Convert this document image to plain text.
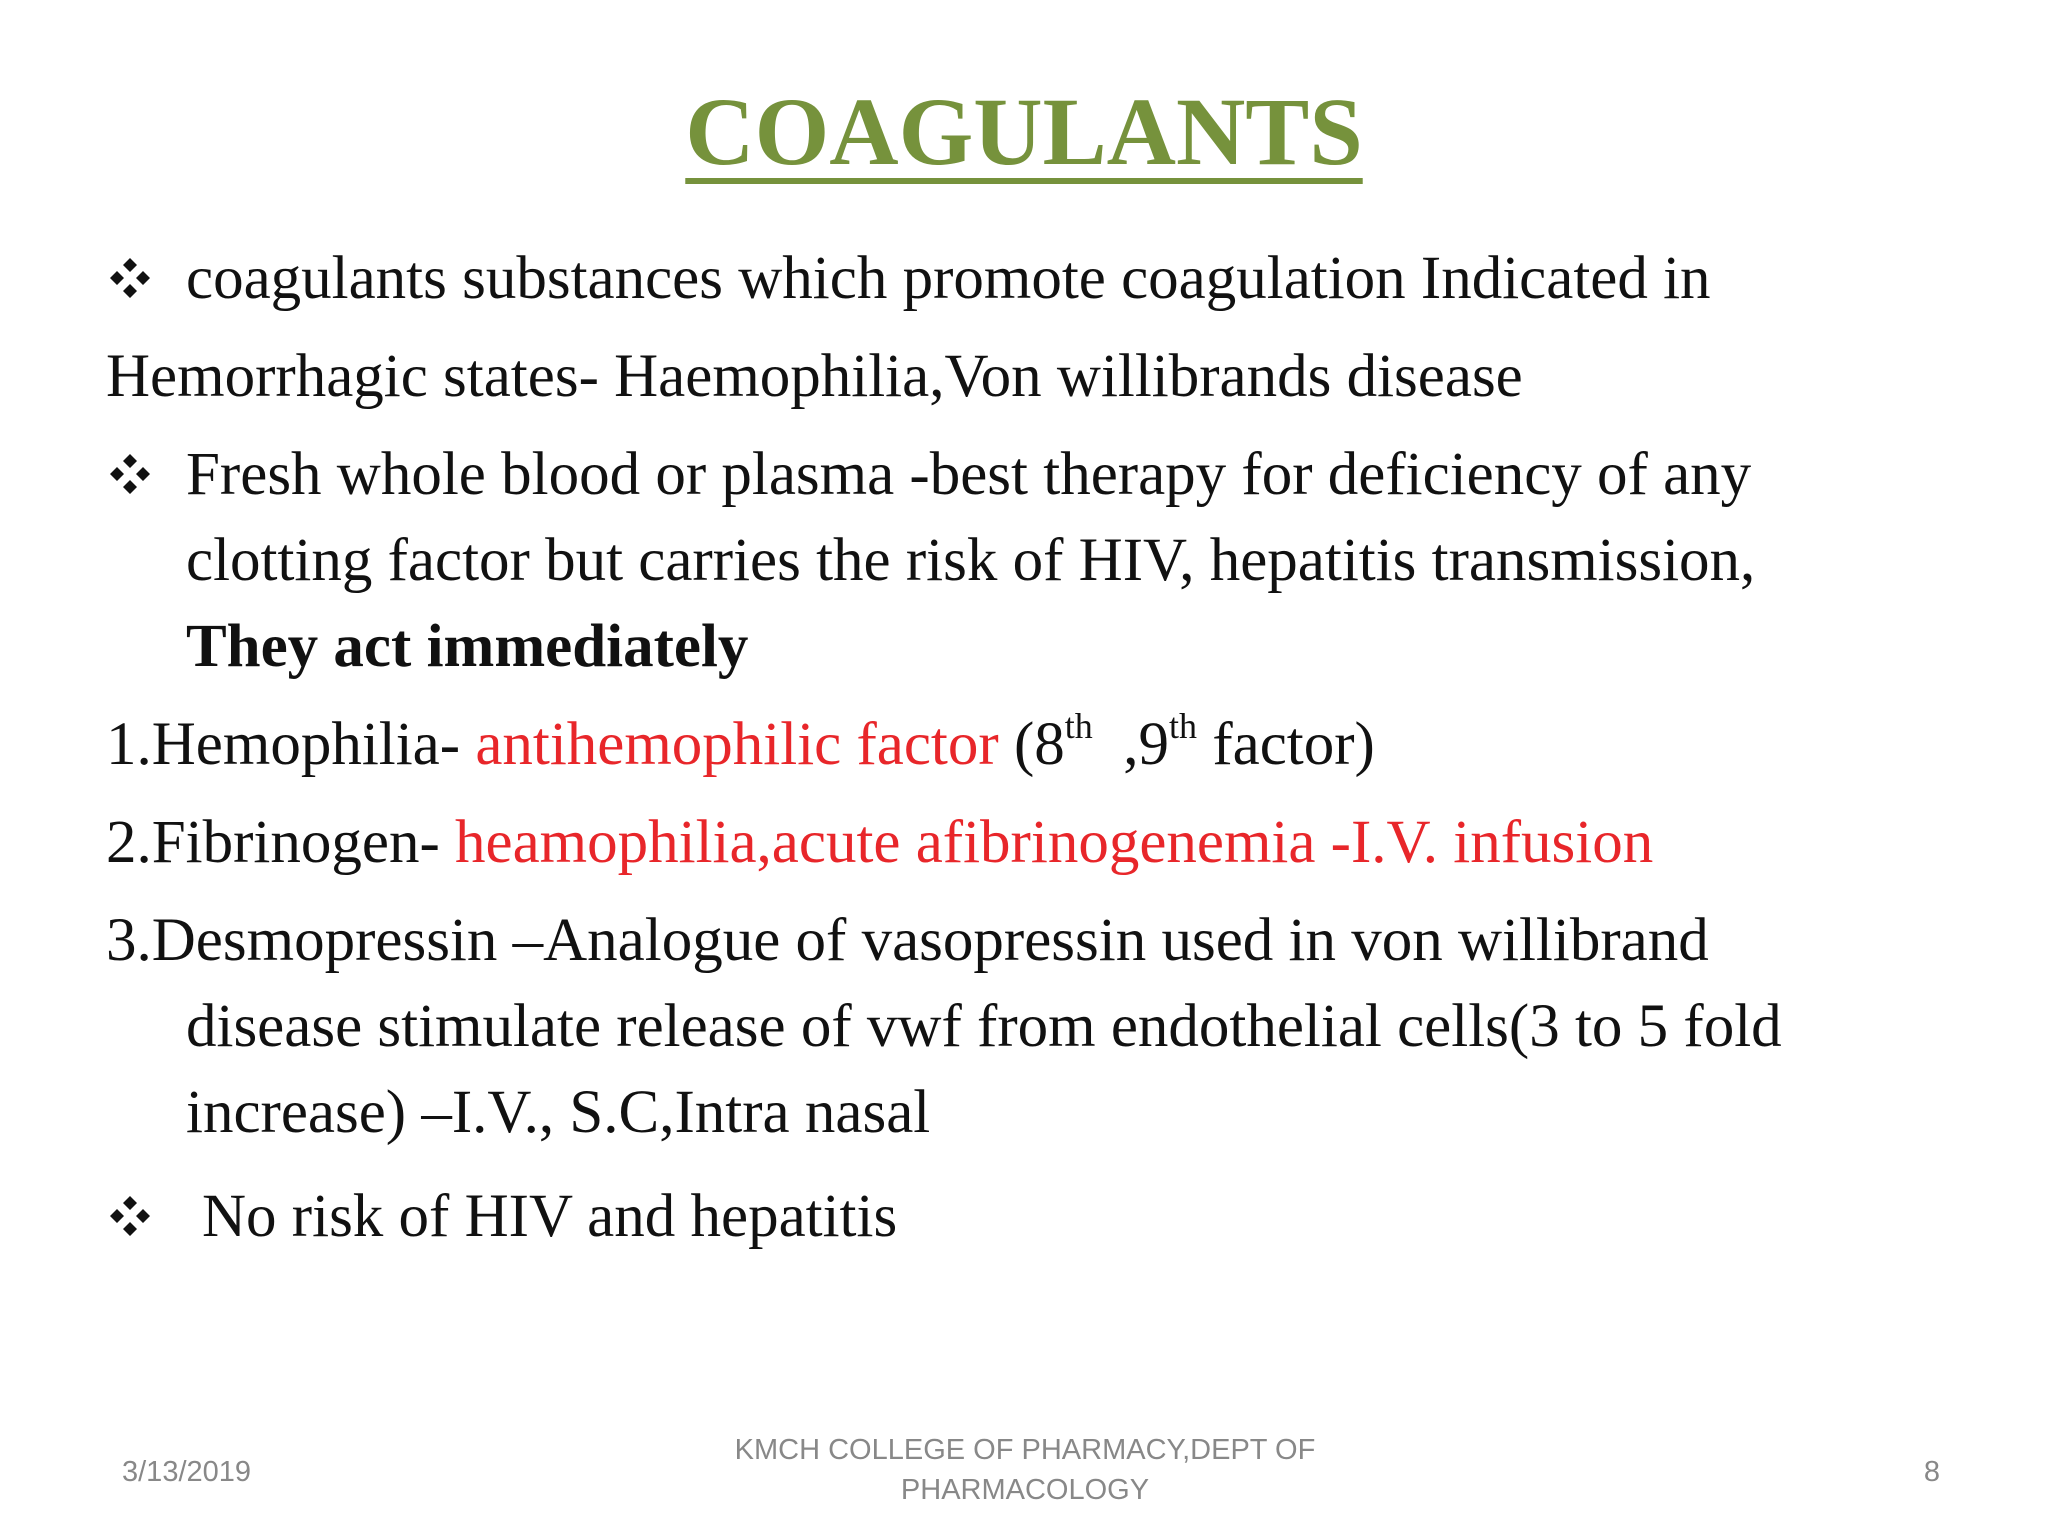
COAGULANTS
coagulants substances which promote coagulation Indicated in
Hemorrhagic states- Haemophilia,Von willibrands disease
Fresh whole blood or plasma -best therapy for deficiency of any
clotting factor but carries the risk of HIV, hepatitis transmission,
They act immediately
1.Hemophilia- antihemophilic factor (8th  ,9th factor)
2.Fibrinogen- heamophilia,acute afibrinogenemia -I.V. infusion
3.Desmopressin –Analogue of vasopressin used in von willibrand
disease stimulate release of vwf from endothelial cells(3 to 5 fold
increase) –I.V., S.C,Intra nasal
No risk of HIV and hepatitis
3/13/2019
KMCH COLLEGE OF PHARMACY,DEPT OF
PHARMACOLOGY
8
